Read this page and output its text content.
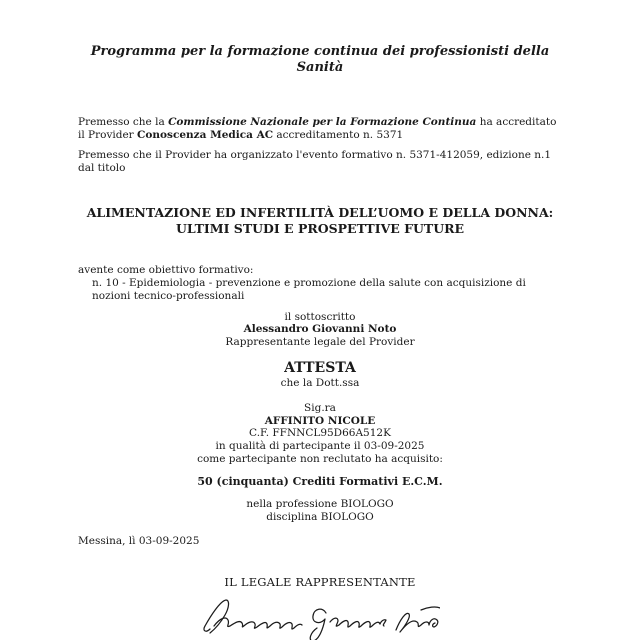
Programma per la formazione continua dei professionisti della Sanità

Premesso che la Commissione Nazionale per la Formazione Continua ha accreditato il Provider Conoscenza Medica AC accreditamento n. 5371

Premesso che il Provider ha organizzato l'evento formativo n. 5371-412059, edizione n.1 dal titolo

ALIMENTAZIONE ED INFERTILITÀ DELL’UOMO E DELLA DONNA: ULTIMI STUDI E PROSPETTIVE FUTURE
avente come obiettivo formativo:
n. 10 - Epidemiologia - prevenzione e promozione della salute con acquisizione di nozioni tecnico-professionali
il sottoscritto
Alessandro Giovanni Noto
Rappresentante legale del Provider
ATTESTA
che la Dott.ssa
Sig.ra
AFFINITO NICOLE
C.F. FFNNCL95D66A512K
in qualità di partecipante il 03-09-2025
come partecipante non reclutato ha acquisito:
50 (cinquanta) Crediti Formativi E.C.M.
nella professione BIOLOGO
disciplina BIOLOGO
Messina, lì 03-09-2025
IL LEGALE RAPPRESENTANTE
